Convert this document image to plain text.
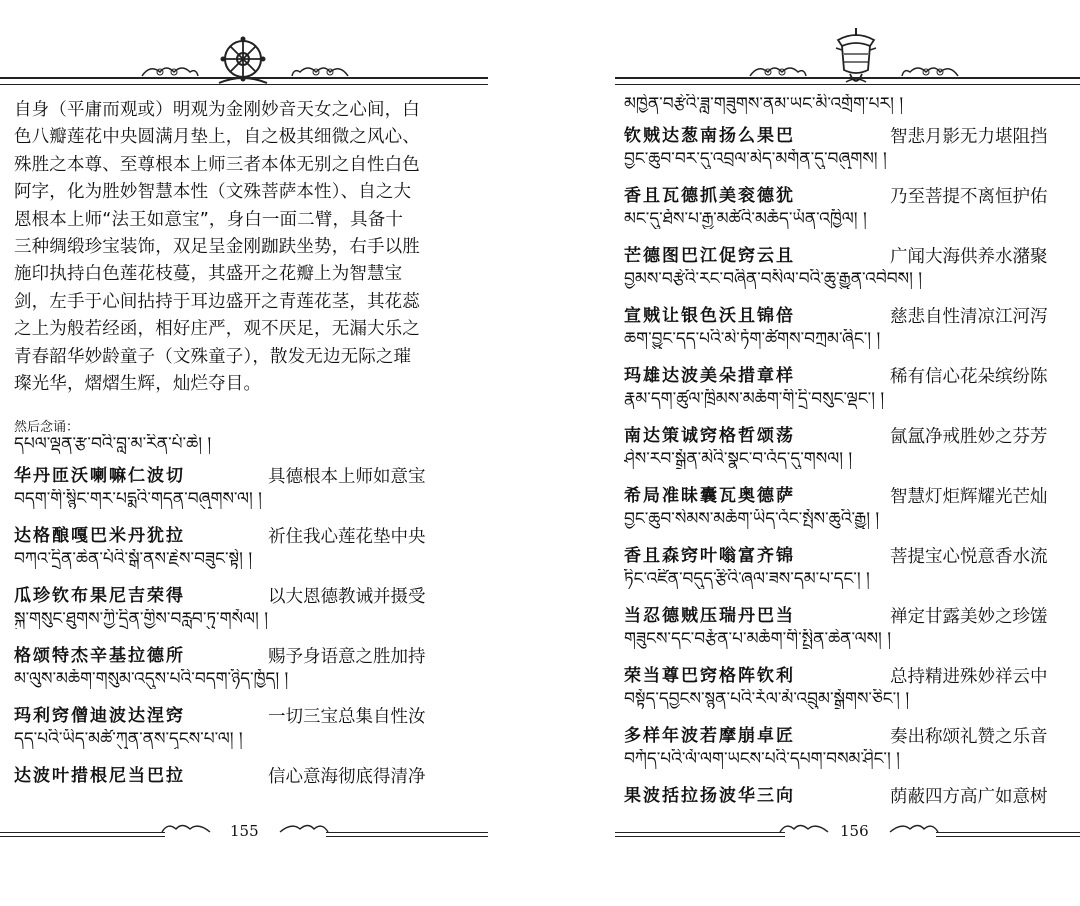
自身（平庸而观或）明观为金刚妙音天女之心间，白
色八瓣莲花中央圆满月垫上，自之极其细微之风心、
殊胜之本尊、至尊根本上师三者本体无别之自性白色
阿字，化为胜妙智慧本性（文殊菩萨本性）、自之大
恩根本上师“法王如意宝”，身白一面二臂，具备十
三种绸缎珍宝装饰，双足呈金刚跏趺坐势，右手以胜
施印执持白色莲花枝蔓，其盛开之花瓣上为智慧宝
剑，左手于心间拈持于耳边盛开之青莲花茎，其花蕊
之上为般若经函，相好庄严，观不厌足，无漏大乐之
青春韶华妙龄童子（文殊童子），散发无边无际之璀
璨光华，熠熠生辉，灿烂夺目。

然后念诵：
དཔལ་ལྡན་རྩ་བའི་བླ་མ་རིན་པོ་ཆེ། །
华丹匝沃喇嘛仁波切	具德根本上师如意宝
བདག་གི་སྙིང་གར་པདྨའི་གདན་བཞུགས་ལ། །
达格酿嘎巴米丹犹拉	祈住我心莲花垫中央
བཀའ་དྲིན་ཆེན་པོའི་སྒོ་ནས་རྗེས་བཟུང་སྟེ། །
瓜珍钦布果尼吉荣得	以大恩德教诫并摄受
སྐུ་གསུང་ཐུགས་ཀྱི་དྲིན་གྱིས་བརླབ་ཏུ་གསོལ། །
格颂特杰辛基拉德所	赐予身语意之胜加持
མ་ལུས་མཆོག་གསུམ་འདུས་པའི་བདག་ཉིད་ཁྱོད། །
玛利窍僧迪波达涅窍	一切三宝总集自性汝
དད་པའི་ཡིད་མཚོ་ཀུན་ནས་དྭངས་པ་ལ། །
达波叶措根尼当巴拉	信心意海彻底得清净
155
མཁྱེན་བརྩེའི་ཟླ་གཟུགས་ནམ་ཡང་མི་འགྲོག་པར། །
钦贼达葱南扬么果巴	智悲月影无力堪阻挡
བྱང་ཆུབ་བར་དུ་འབྲལ་མེད་མགོན་དུ་བཞུགས། །
香且瓦德抓美衮德犹	乃至菩提不离恒护佑
མང་དུ་ཐོས་པ་རྒྱ་མཚོའི་མཆོད་ཡོན་འཁྱིལ། །
芒德图巴江促窍云且	广闻大海供养水潴聚
བྱམས་བརྩེའི་རང་བཞིན་བསིལ་བའི་ཆུ་རྒྱུན་འབེབས། །
宣贼让银色沃且锦倍	慈悲自性清凉江河泻
ཆག་བྱུང་དད་པའི་མེ་ཏོག་ཚོགས་བཀྲམ་ཞིང་། །
玛雄达波美朵措章样	稀有信心花朵缤纷陈
རྣམ་དག་ཚུལ་ཁྲིམས་མཆོག་གི་དྲི་བསུང་ལྡང་། །
南达策诚窍格哲颂荡	氤氲净戒胜妙之芬芳
ཤེས་རབ་སྒྲོན་མེའི་སྣང་བ་འོད་དུ་གསལ། །
希局准昧囊瓦奥德萨	智慧灯炬辉耀光芒灿
བྱང་ཆུབ་སེམས་མཆོག་ཡིད་འོང་སྤོས་ཆུའི་རྒྱུ། །
香且森窍叶嗡富齐锦	菩提宝心悦意香水流
ཏིང་འཛིན་བདུད་རྩིའི་ཞལ་ཟས་དམ་པ་དང་། །
当忍德贼压瑞丹巴当	禅定甘露美妙之珍馐
གཟུངས་དང་བརྩོན་པ་མཆོག་གི་སྤྲིན་ཆེན་ལས། །
荣当尊巴窍格阵钦利	总持精进殊妙祥云中
བསྟོད་དབྱངས་སྙན་པའི་རོལ་མོ་འབྲུམ་སྒྲོགས་ཅིང་། །
多样年波若摩崩卓匠	奏出称颂礼赞之乐音
བཀོད་པའི་ལོ་ལག་ཡངས་པའི་དཔག་བསམ་ཤིང་། །
果波括拉扬波华三向	荫蔽四方高广如意树
156
